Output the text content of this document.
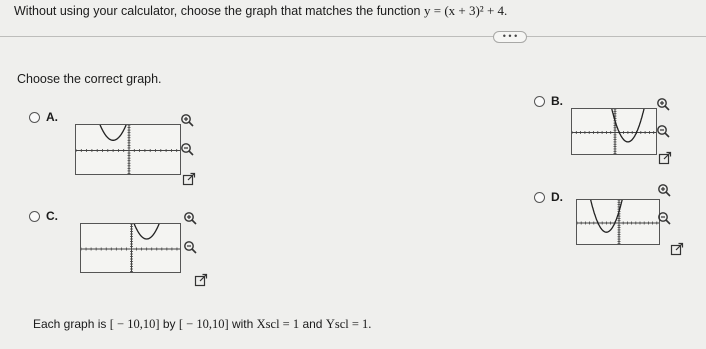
Without using your calculator, choose the graph that matches the function y = (x + 3)² + 4.
• • •
Choose the correct graph.
A.
B.
D.
C.
Each graph is [ − 10,10] by [ − 10,10] with Xscl = 1 and Yscl = 1.
